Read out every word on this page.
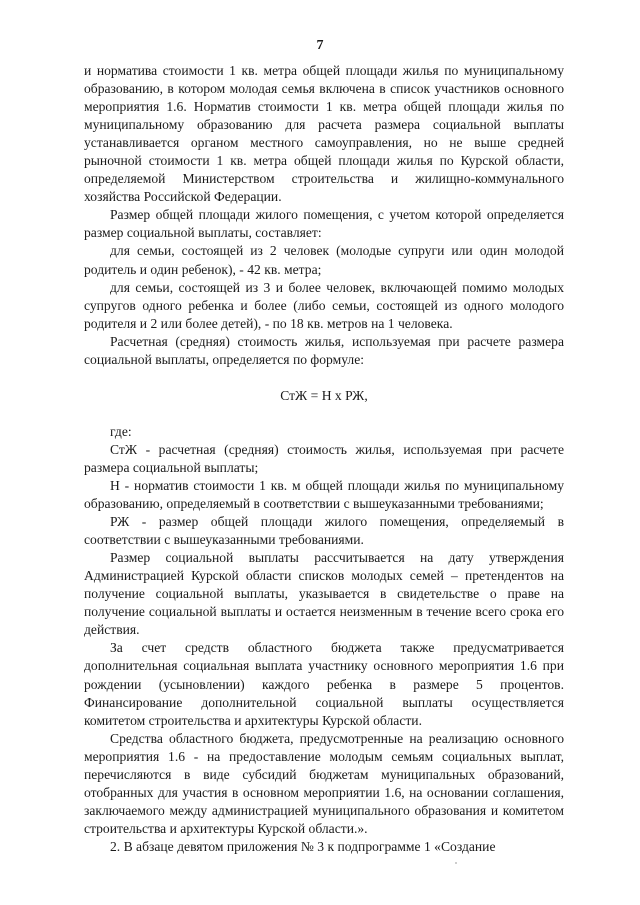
7

и норматива стоимости 1 кв. метра общей площади жилья по муниципальному образованию, в котором молодая семья включена в список участников основного мероприятия 1.6. Норматив стоимости 1 кв. метра общей площади жилья по муниципальному образованию для расчета размера социальной выплаты устанавливается органом местного самоуправления, но не выше средней рыночной стоимости 1 кв. метра общей площади жилья по Курской области, определяемой Министерством строительства и жилищно-коммунального хозяйства Российской Федерации.

Размер общей площади жилого помещения, с учетом которой определяется размер социальной выплаты, составляет:

для семьи, состоящей из 2 человек (молодые супруги или один молодой родитель и один ребенок), - 42 кв. метра;

для семьи, состоящей из 3 и более человек, включающей помимо молодых супругов одного ребенка и более (либо семьи, состоящей из одного молодого родителя и 2 или более детей), - по 18 кв. метров на 1 человека.

Расчетная (средняя) стоимость жилья, используемая при расчете размера социальной выплаты, определяется по формуле:

СтЖ = Н х РЖ,

где:

СтЖ - расчетная (средняя) стоимость жилья, используемая при расчете размера социальной выплаты;

Н - норматив стоимости 1 кв. м общей площади жилья по муниципальному образованию, определяемый в соответствии с вышеуказанными требованиями;

РЖ - размер общей площади жилого помещения, определяемый в соответствии с вышеуказанными требованиями.

Размер социальной выплаты рассчитывается на дату утверждения Администрацией Курской области списков молодых семей – претендентов на получение социальной выплаты, указывается в свидетельстве о праве на получение социальной выплаты и остается неизменным в течение всего срока его действия.

За счет средств областного бюджета также предусматривается дополнительная социальная выплата участнику основного мероприятия 1.6 при рождении (усыновлении) каждого ребенка в размере 5 процентов. Финансирование дополнительной социальной выплаты осуществляется комитетом строительства и архитектуры Курской области.

Средства областного бюджета, предусмотренные на реализацию основного мероприятия 1.6 - на предоставление молодым семьям социальных выплат, перечисляются в виде субсидий бюджетам муниципальных образований, отобранных для участия в основном мероприятии 1.6, на основании соглашения, заключаемого между администрацией муниципального образования и комитетом строительства и архитектуры Курской области.».

2. В абзаце девятом приложения № 3 к подпрограмме 1 «Создание
